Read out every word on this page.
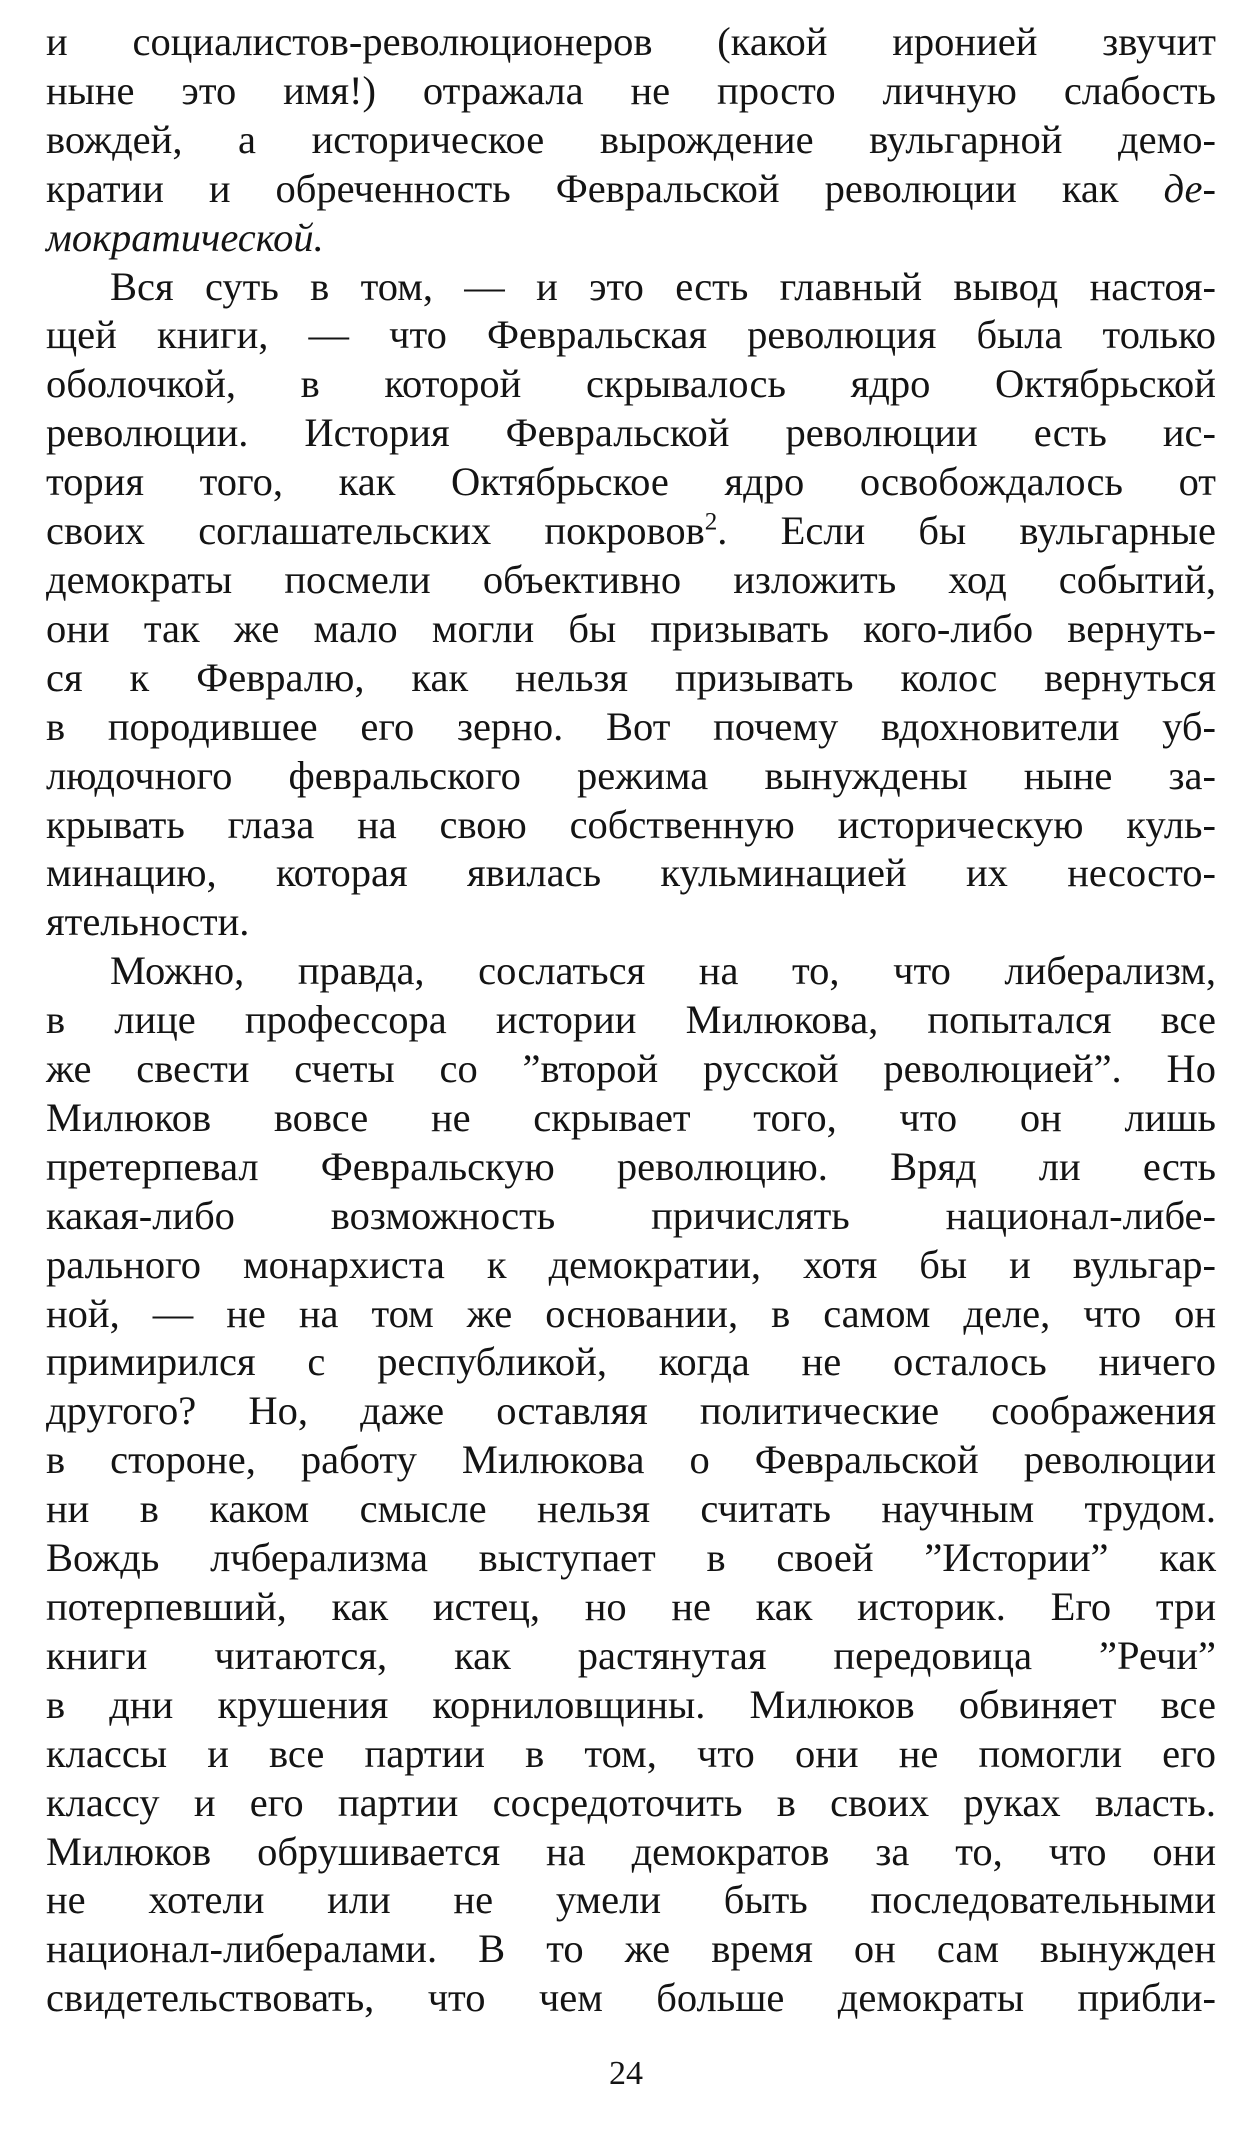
и социалистов-революционеров (какой иронией звучит
ныне это имя!) отражала не просто личную слабость
вождей, а историческое вырождение вульгарной демо-
кратии и обреченность Февральской революции как де-
мократической.
Вся суть в том, — и это есть главный вывод настоя-
щей книги, — что Февральская революция была только
оболочкой, в которой скрывалось ядро Октябрьской
революции. История Февральской революции есть ис-
тория того, как Октябрьское ядро освобождалось от
своих соглашательских покровов$^2$. Если бы вульгарные
демократы посмели объективно изложить ход событий,
они так же мало могли бы призывать кого-либо вернуть-
ся к Февралю, как нельзя призывать колос вернуться
в породившее его зерно. Вот почему вдохновители уб-
людочного февральского режима вынуждены ныне за-
крывать глаза на свою собственную историческую куль-
минацию, которая явилась кульминацией их несосто-
ятельности.
Можно, правда, сослаться на то, что либерализм,
в лице профессора истории Милюкова, попытался все
же свести счеты со ”второй русской революцией”. Но
Милюков вовсе не скрывает того, что он лишь
претерпевал Февральскую революцию. Вряд ли есть
какая-либо возможность причислять национал-либе-
рального монархиста к демократии, хотя бы и вульгар-
ной, — не на том же основании, в самом деле, что он
примирился с республикой, когда не осталось ничего
другого? Но, даже оставляя политические соображения
в стороне, работу Милюкова о Февральской революции
ни в каком смысле нельзя считать научным трудом.
Вождь лчберализма выступает в своей ”Истории” как
потерпевший, как истец, но не как историк. Его три
книги читаются, как растянутая передовица ”Речи”
в дни крушения корниловщины. Милюков обвиняет все
классы и все партии в том, что они не помогли его
классу и его партии сосредоточить в своих руках власть.
Милюков обрушивается на демократов за то, что они
не хотели или не умели быть последовательными
национал-либералами. В то же время он сам вынужден
свидетельствовать, что чем больше демократы прибли-
24
